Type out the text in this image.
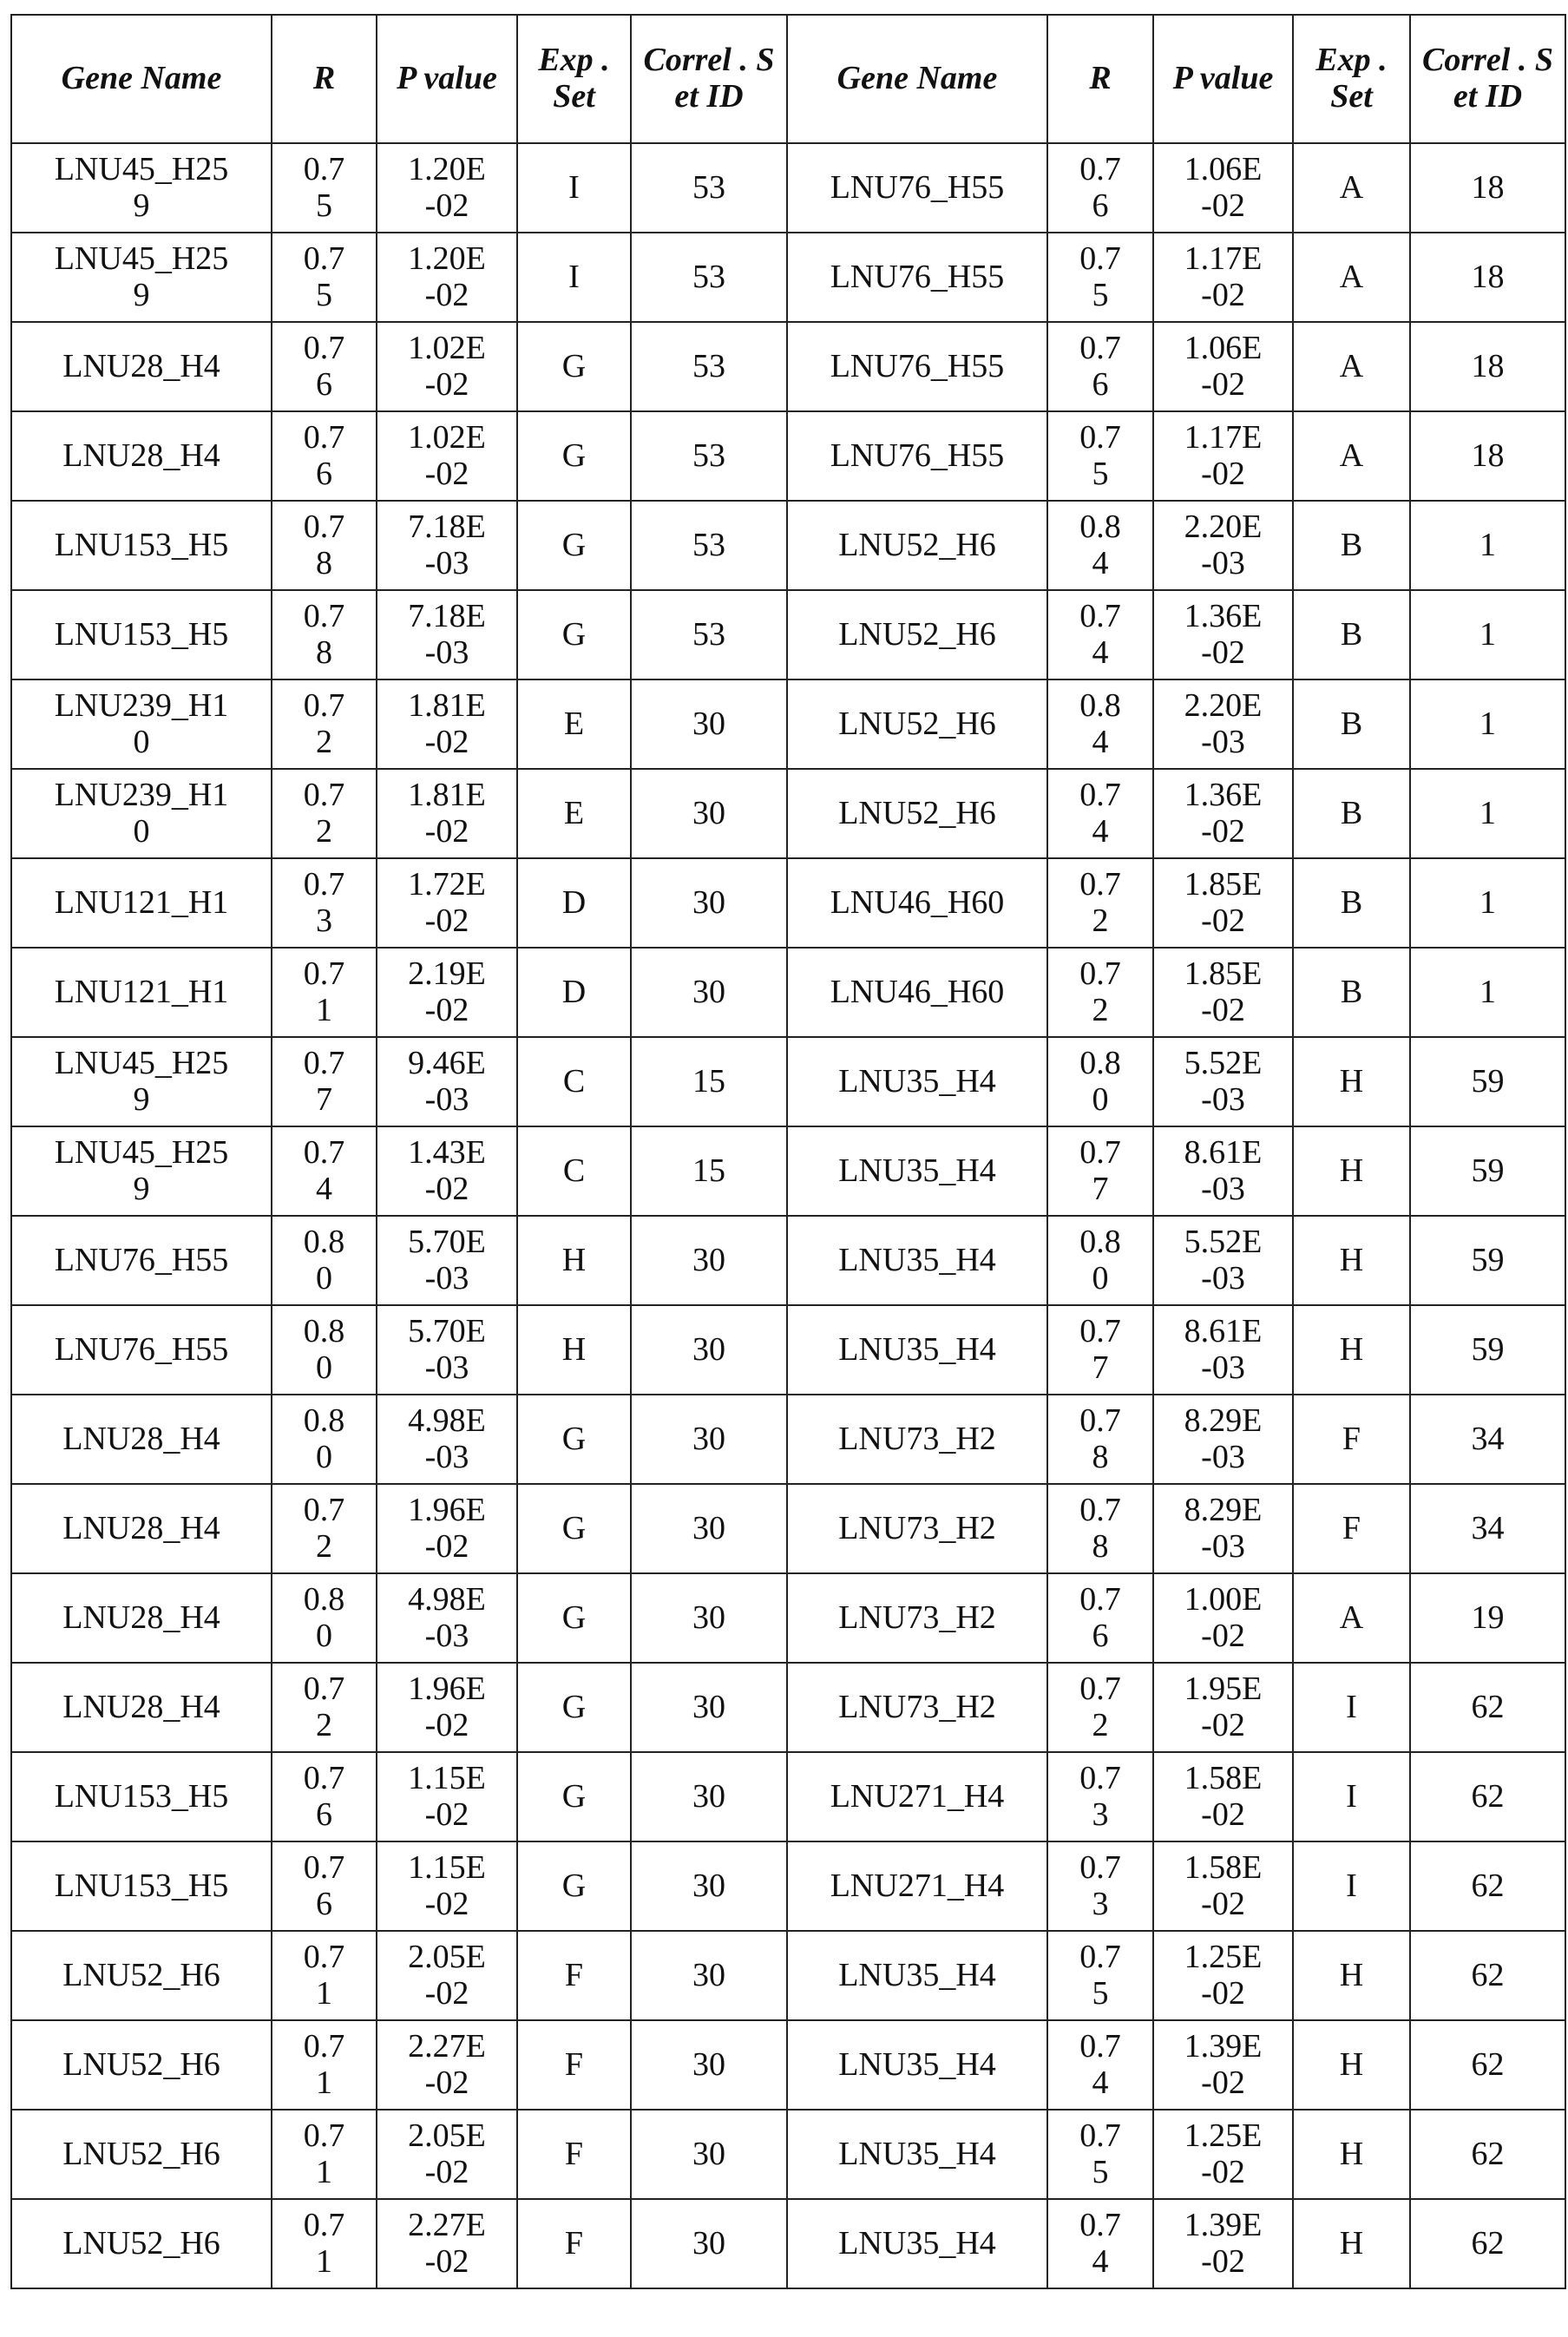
Gene Name	R	P value	Exp . Set	Correl . Set ID	Gene Name	R	P value	Exp . Set	Correl . Set ID
LNU45_H259	0.75	1.20E-02	I	53	LNU76_H55	0.76	1.06E-02	A	18
LNU45_H259	0.75	1.20E-02	I	53	LNU76_H55	0.75	1.17E-02	A	18
LNU28_H4	0.76	1.02E-02	G	53	LNU76_H55	0.76	1.06E-02	A	18
LNU28_H4	0.76	1.02E-02	G	53	LNU76_H55	0.75	1.17E-02	A	18
LNU153_H5	0.78	7.18E-03	G	53	LNU52_H6	0.84	2.20E-03	B	1
LNU153_H5	0.78	7.18E-03	G	53	LNU52_H6	0.74	1.36E-02	B	1
LNU239_H10	0.72	1.81E-02	E	30	LNU52_H6	0.84	2.20E-03	B	1
LNU239_H10	0.72	1.81E-02	E	30	LNU52_H6	0.74	1.36E-02	B	1
LNU121_H1	0.73	1.72E-02	D	30	LNU46_H60	0.72	1.85E-02	B	1
LNU121_H1	0.71	2.19E-02	D	30	LNU46_H60	0.72	1.85E-02	B	1
LNU45_H259	0.77	9.46E-03	C	15	LNU35_H4	0.80	5.52E-03	H	59
LNU45_H259	0.74	1.43E-02	C	15	LNU35_H4	0.77	8.61E-03	H	59
LNU76_H55	0.80	5.70E-03	H	30	LNU35_H4	0.80	5.52E-03	H	59
LNU76_H55	0.80	5.70E-03	H	30	LNU35_H4	0.77	8.61E-03	H	59
LNU28_H4	0.80	4.98E-03	G	30	LNU73_H2	0.78	8.29E-03	F	34
LNU28_H4	0.72	1.96E-02	G	30	LNU73_H2	0.78	8.29E-03	F	34
LNU28_H4	0.80	4.98E-03	G	30	LNU73_H2	0.76	1.00E-02	A	19
LNU28_H4	0.72	1.96E-02	G	30	LNU73_H2	0.72	1.95E-02	I	62
LNU153_H5	0.76	1.15E-02	G	30	LNU271_H4	0.73	1.58E-02	I	62
LNU153_H5	0.76	1.15E-02	G	30	LNU271_H4	0.73	1.58E-02	I	62
LNU52_H6	0.71	2.05E-02	F	30	LNU35_H4	0.75	1.25E-02	H	62
LNU52_H6	0.71	2.27E-02	F	30	LNU35_H4	0.74	1.39E-02	H	62
LNU52_H6	0.71	2.05E-02	F	30	LNU35_H4	0.75	1.25E-02	H	62
LNU52_H6	0.71	2.27E-02	F	30	LNU35_H4	0.74	1.39E-02	H	62
